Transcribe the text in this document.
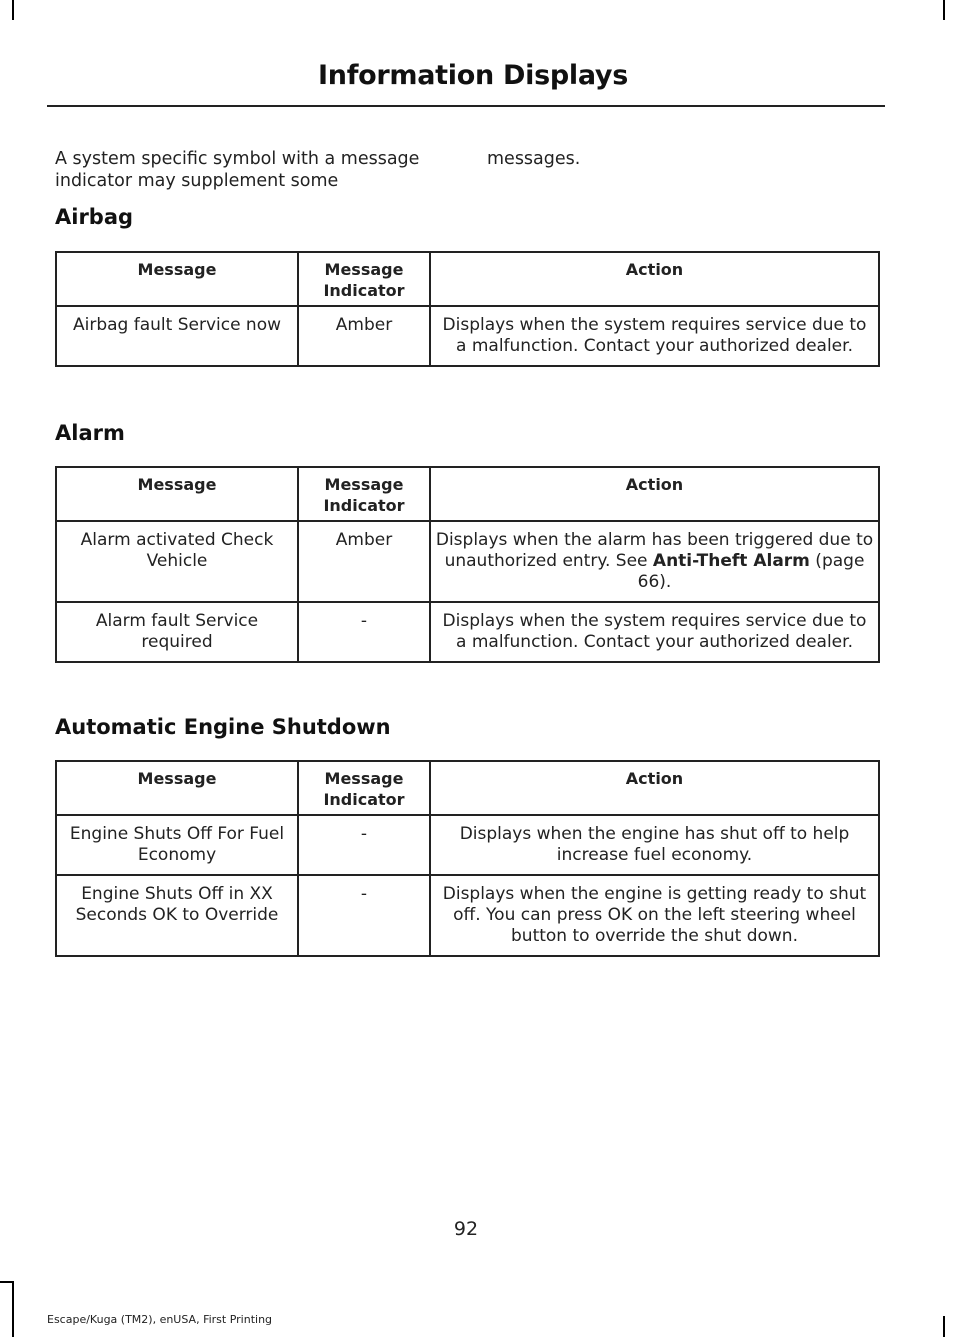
Information Displays
A system specific symbol with a message indicator may supplement some
messages.
Airbag
Message	Message Indicator	Action
Airbag fault Service now	Amber	Displays when the system requires service due to a malfunction. Contact your authorized dealer.
Alarm
Message	Message Indicator	Action
Alarm activated Check Vehicle	Amber	Displays when the alarm has been triggered due to unauthorized entry. See Anti-Theft Alarm (page 66).
Alarm fault Service required	-	Displays when the system requires service due to a malfunction. Contact your authorized dealer.
Automatic Engine Shutdown
Message	Message Indicator	Action
Engine Shuts Off For Fuel Economy	-	Displays when the engine has shut off to help increase fuel economy.
Engine Shuts Off in XX Seconds OK to Override	-	Displays when the engine is getting ready to shut off. You can press OK on the left steering wheel button to override the shut down.
92
Escape/Kuga (TM2), enUSA, First Printing
